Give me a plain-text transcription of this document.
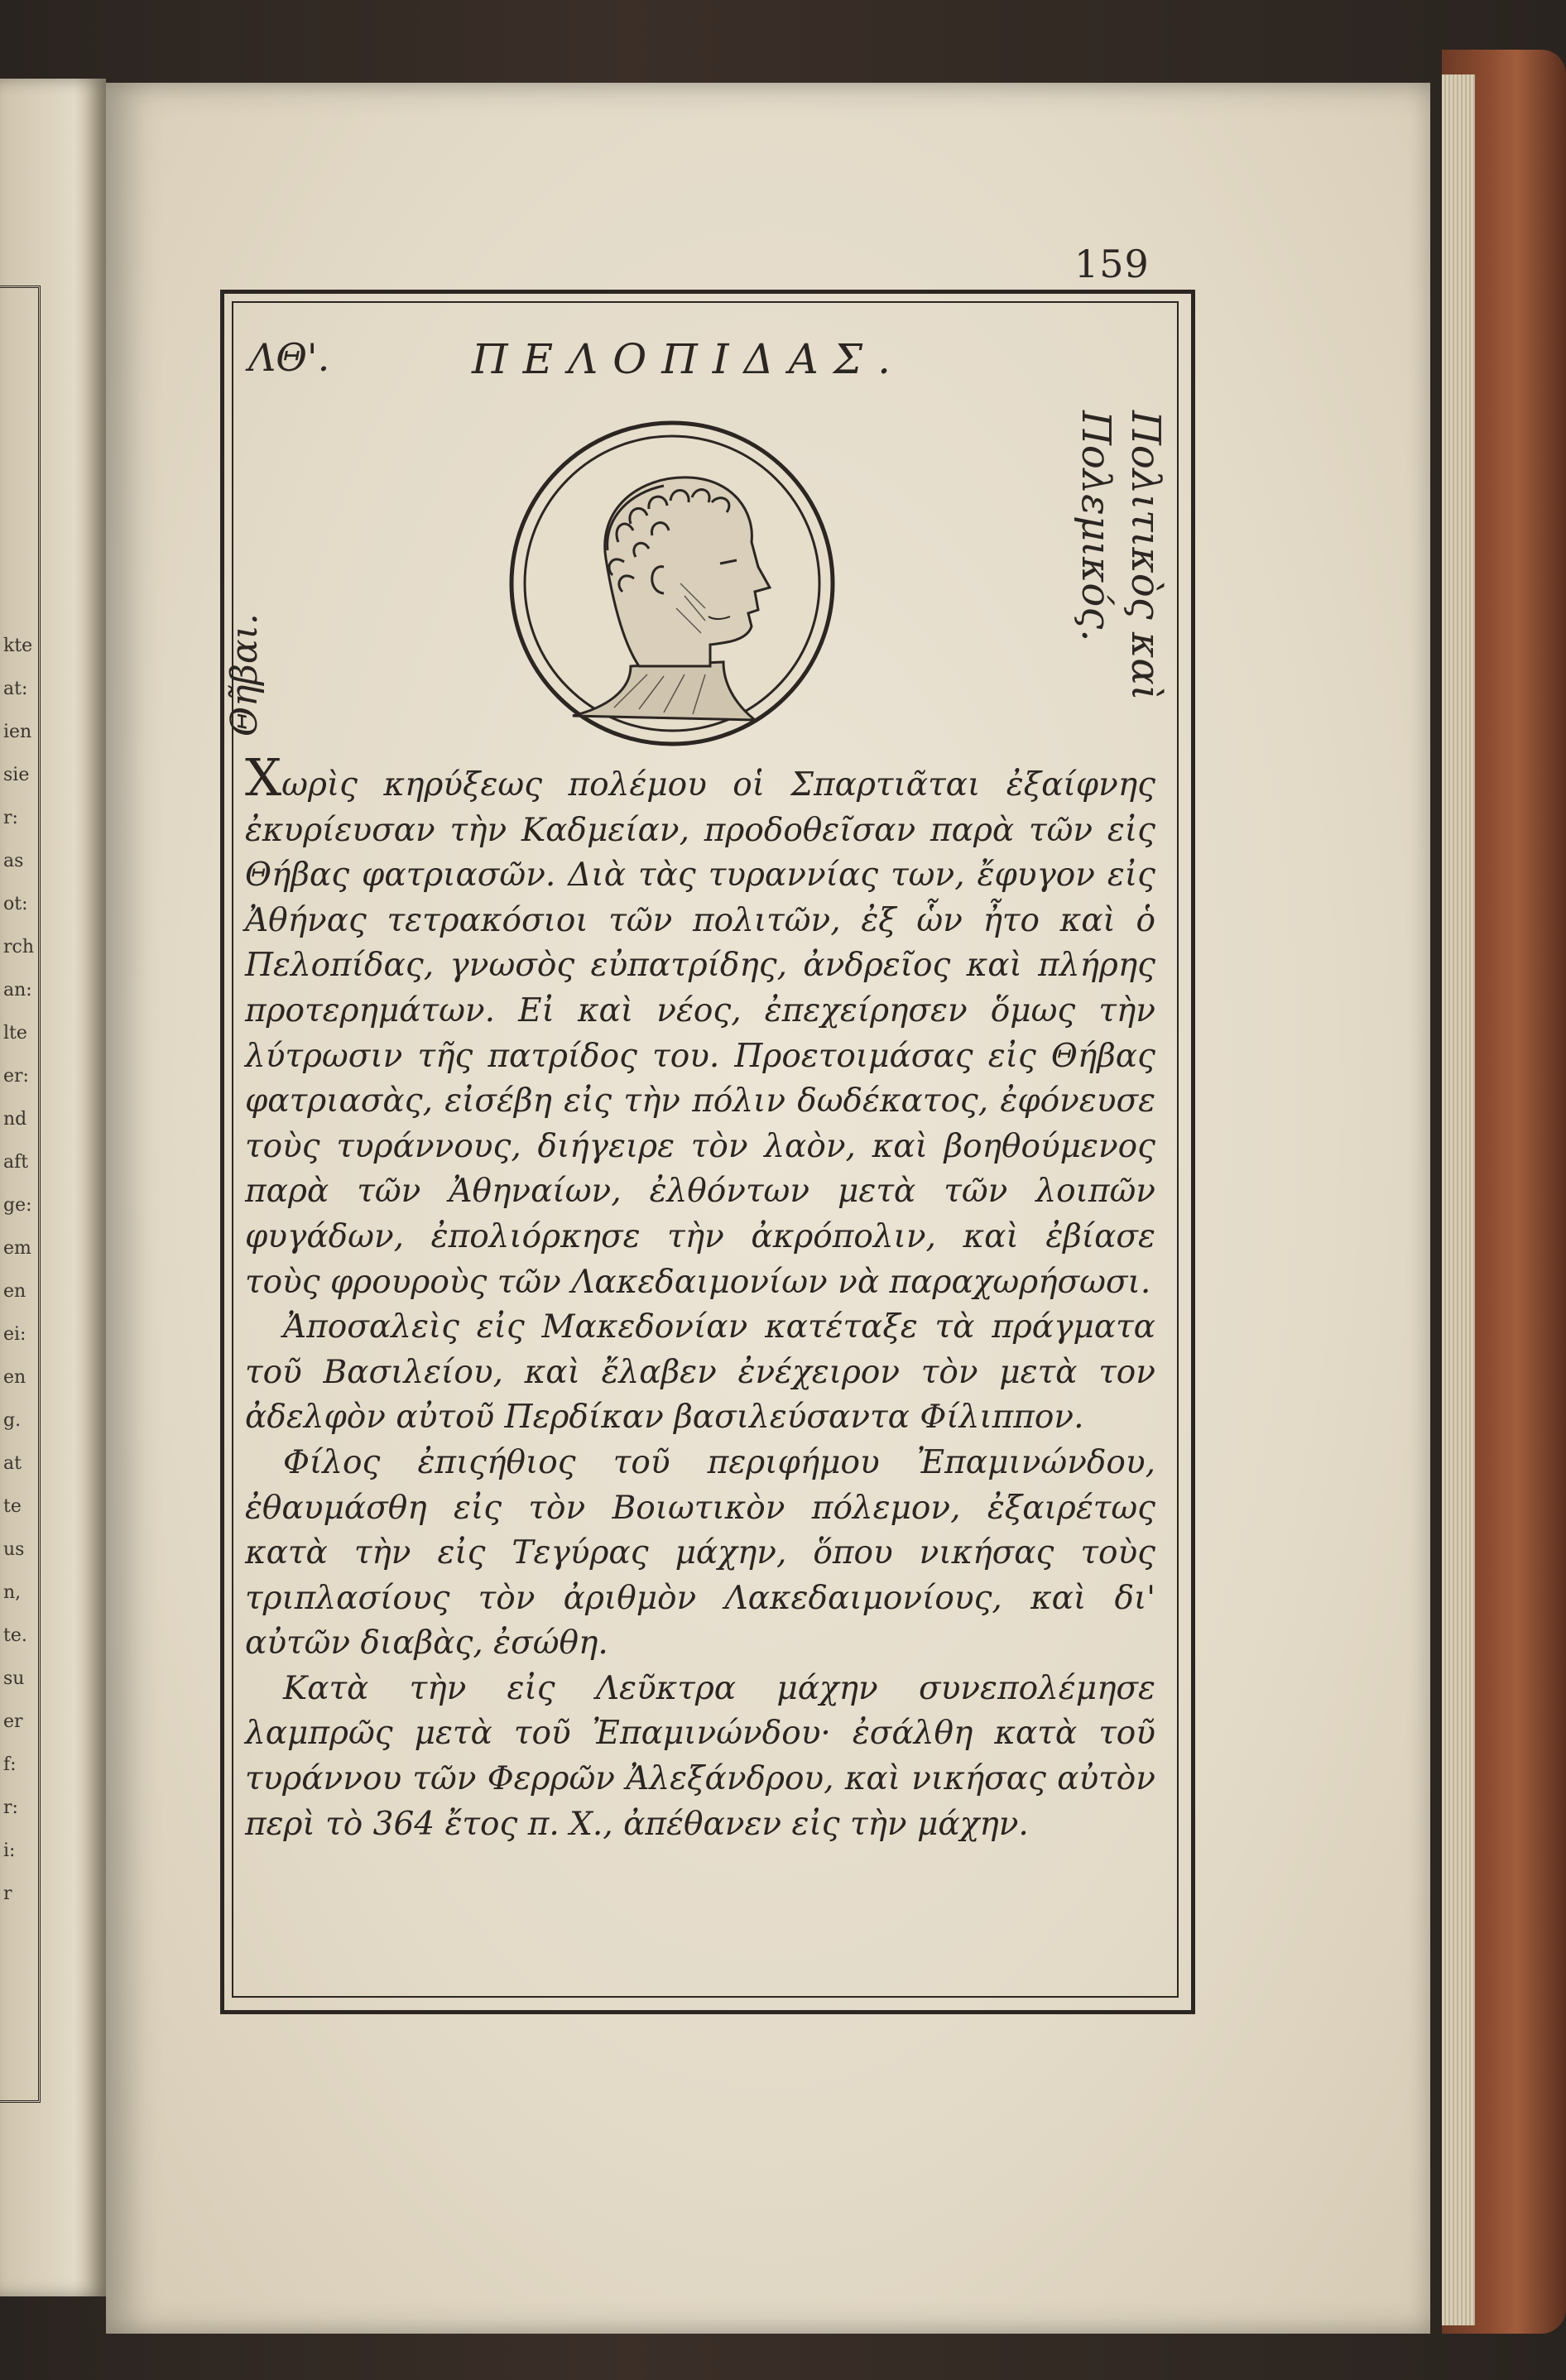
kte
at:
ien
sie
r:
as
ot:
rch
an:
lte
er:
nd
aft
ge:
em
en
ei:
en
g.
at
te
us
n,
te.
su
er
f:
r:
i:
r
159
ΛΘ'.	ΠΕΛΟΠΙΔΑΣ.
Θῆβαι.	Πολιτικὸς καὶ
Πολεμικός.

Χωρὶς κηρύξεως πολέμου οἱ Σπαρτιᾶται ἐξαίφνης ἐκυρίευσαν τὴν Καδμείαν, προδοθεῖσαν παρὰ τῶν εἰς Θήβας φατριασῶν. Διὰ τὰς τυραννίας των, ἔφυγον εἰς Ἀθήνας τετρακόσιοι τῶν πολιτῶν, ἐξ ὧν ἦτο καὶ ὁ Πελοπίδας, γνωσὸς εὐπατρίδης, ἀνδρεῖος καὶ πλήρης προτερημάτων. Εἰ καὶ νέος, ἐπεχείρησεν ὅμως τὴν λύτρωσιν τῆς πατρίδος του. Προετοιμάσας εἰς Θήβας φατριασὰς, εἰσέβη εἰς τὴν πόλιν δωδέκατος, ἐφόνευσε τοὺς τυράννους, διήγειρε τὸν λαὸν, καὶ βοηθούμενος παρὰ τῶν Ἀθηναίων, ἐλθόντων μετὰ τῶν λοιπῶν φυγάδων, ἐπολιόρκησε τὴν ἀκρόπολιν, καὶ ἐβίασε τοὺς φρουροὺς τῶν Λακεδαιμονίων νὰ παραχωρήσωσι.

Ἀποσαλεὶς εἰς Μακεδονίαν κατέταξε τὰ πράγματα τοῦ Βασιλείου, καὶ ἔλαβεν ἐνέχειρον τὸν μετὰ τον ἀδελφὸν αὐτοῦ Περδίκαν βασιλεύσαντα Φίλιππον.

Φίλος ἐπιςήθιος τοῦ περιφήμου Ἐπαμινώνδου, ἐθαυμάσθη εἰς τὸν Βοιωτικὸν πόλεμον, ἐξαιρέτως κατὰ τὴν εἰς Τεγύρας μάχην, ὅπου νικήσας τοὺς τριπλασίους τὸν ἀριθμὸν Λακεδαιμονίους, καὶ δι' αὐτῶν διαβὰς, ἐσώθη.

Κατὰ τὴν εἰς Λεῦκτρα μάχην συνεπολέμησε λαμπρῶς μετὰ τοῦ Ἐπαμινώνδου· ἐσάλθη κατὰ τοῦ τυράννου τῶν Φερρῶν Ἀλεξάνδρου, καὶ νικήσας αὐτὸν περὶ τὸ 364 ἔτος π. Χ., ἀπέθανεν εἰς τὴν μάχην.
